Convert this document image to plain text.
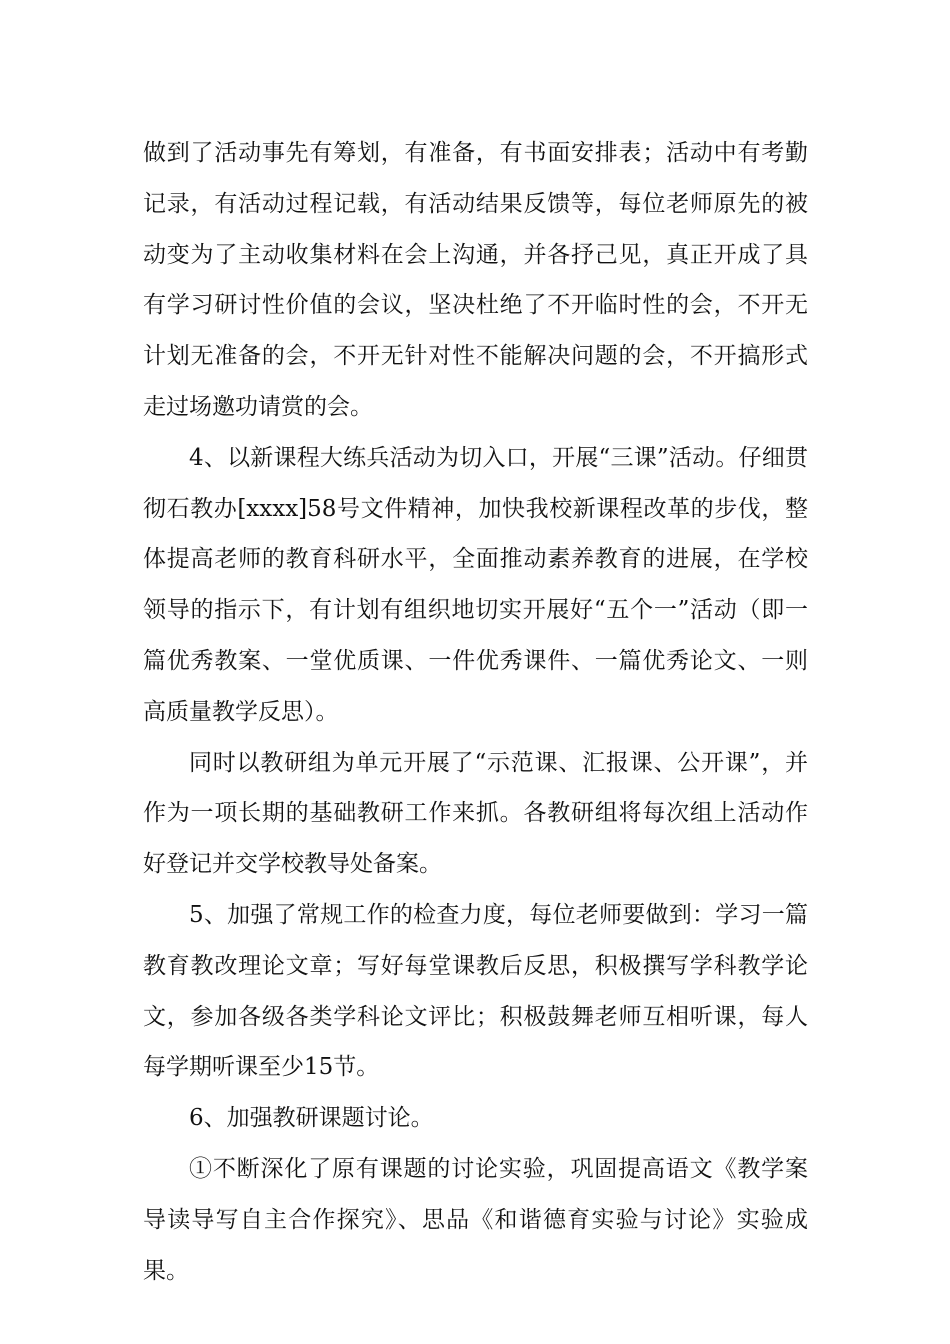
做到了活动事先有筹划，有准备，有书面安排表；活动中有考勤记录，有活动过程记载，有活动结果反馈等，每位老师原先的被动变为了主动收集材料在会上沟通，并各抒己见，真正开成了具有学习研讨性价值的会议，坚决杜绝了不开临时性的会，不开无计划无准备的会，不开无针对性不能解决问题的会，不开搞形式走过场邀功请赏的会。

4、以新课程大练兵活动为切入口，开展“三课”活动。仔细贯彻石教办[xxxx]58号文件精神，加快我校新课程改革的步伐，整体提高老师的教育科研水平，全面推动素养教育的进展，在学校领导的指示下，有计划有组织地切实开展好“五个一”活动（即一篇优秀教案、一堂优质课、一件优秀课件、一篇优秀论文、一则高质量教学反思）。

同时以教研组为单元开展了“示范课、汇报课、公开课”，并作为一项长期的基础教研工作来抓。各教研组将每次组上活动作好登记并交学校教导处备案。

5、加强了常规工作的检查力度，每位老师要做到：学习一篇教育教改理论文章；写好每堂课教后反思，积极撰写学科教学论文，参加各级各类学科论文评比；积极鼓舞老师互相听课，每人每学期听课至少15节。

6、加强教研课题讨论。

①不断深化了原有课题的讨论实验，巩固提高语文《教学案导读导写自主合作探究》、思品《和谐德育实验与讨论》实验成果。
